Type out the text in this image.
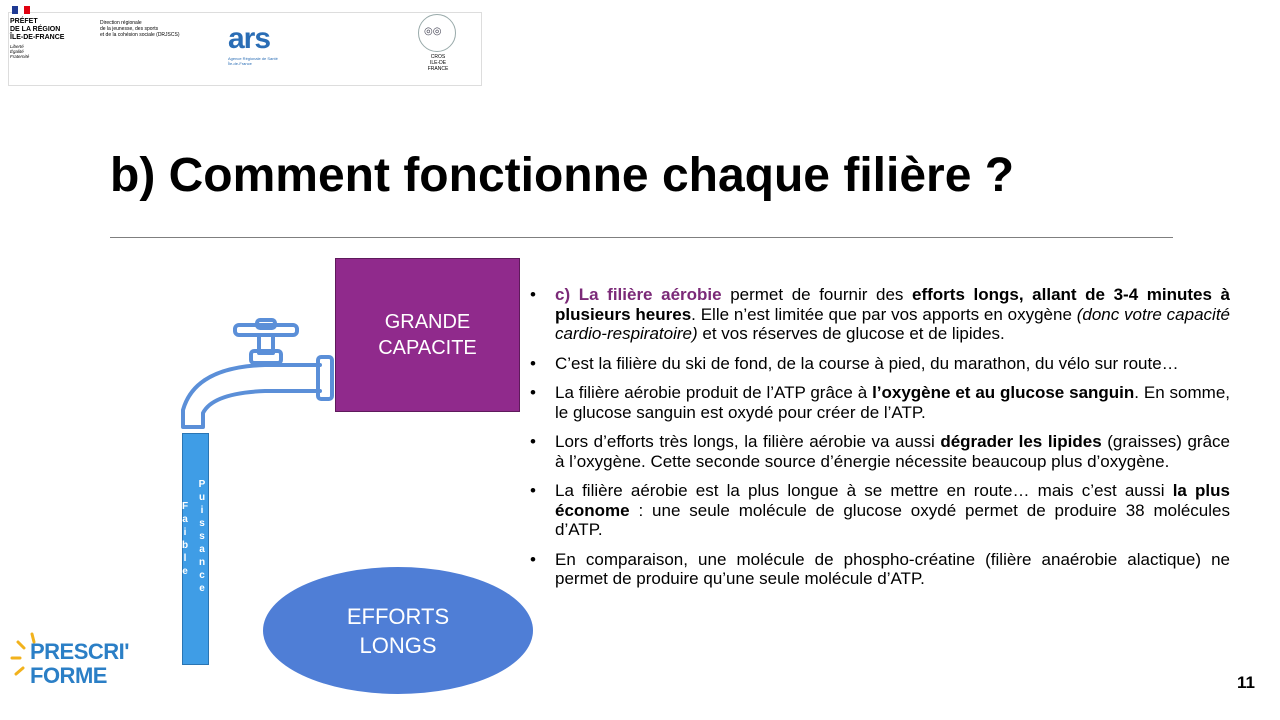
PRÉFET
DE LA RÉGION
ÎLE-DE-FRANCE
Liberté
Égalité
Fraternité
Direction régionale
de la jeunesse, des sports
et de la cohésion sociale (DRJSCS) ars
Agence Régionale de Santé
Île-de-France
◎◎
CROS
ILE-DE
FRANCE
b) Comment fonctionne chaque filière ?
GRANDE
CAPACITE
Faible
Puissance
EFFORTS
LONGS
• c) La filière aérobie permet de fournir des efforts longs, allant de 3-4 minutes à plusieurs heures. Elle n’est limitée que par vos apports en oxygène (donc votre capacité cardio-respiratoire) et vos réserves de glucose et de lipides.
• C’est la filière du ski de fond, de la course à pied, du marathon, du vélo sur route…
• La filière aérobie produit de l’ATP grâce à l’oxygène et au glucose sanguin. En somme, le glucose sanguin est oxydé pour créer de l’ATP.
• Lors d’efforts très longs, la filière aérobie va aussi dégrader les lipides (graisses) grâce à l’oxygène. Cette seconde source d’énergie nécessite beaucoup plus d’oxygène.
• La filière aérobie est la plus longue à se mettre en route… mais c’est aussi la plus économe : une seule molécule de glucose oxydé permet de produire 38 molécules d’ATP.
• En comparaison, une molécule de phospho-créatine (filière anaérobie alactique) ne permet de produire qu’une seule molécule d’ATP.
PRESCRI'
FORME	11
